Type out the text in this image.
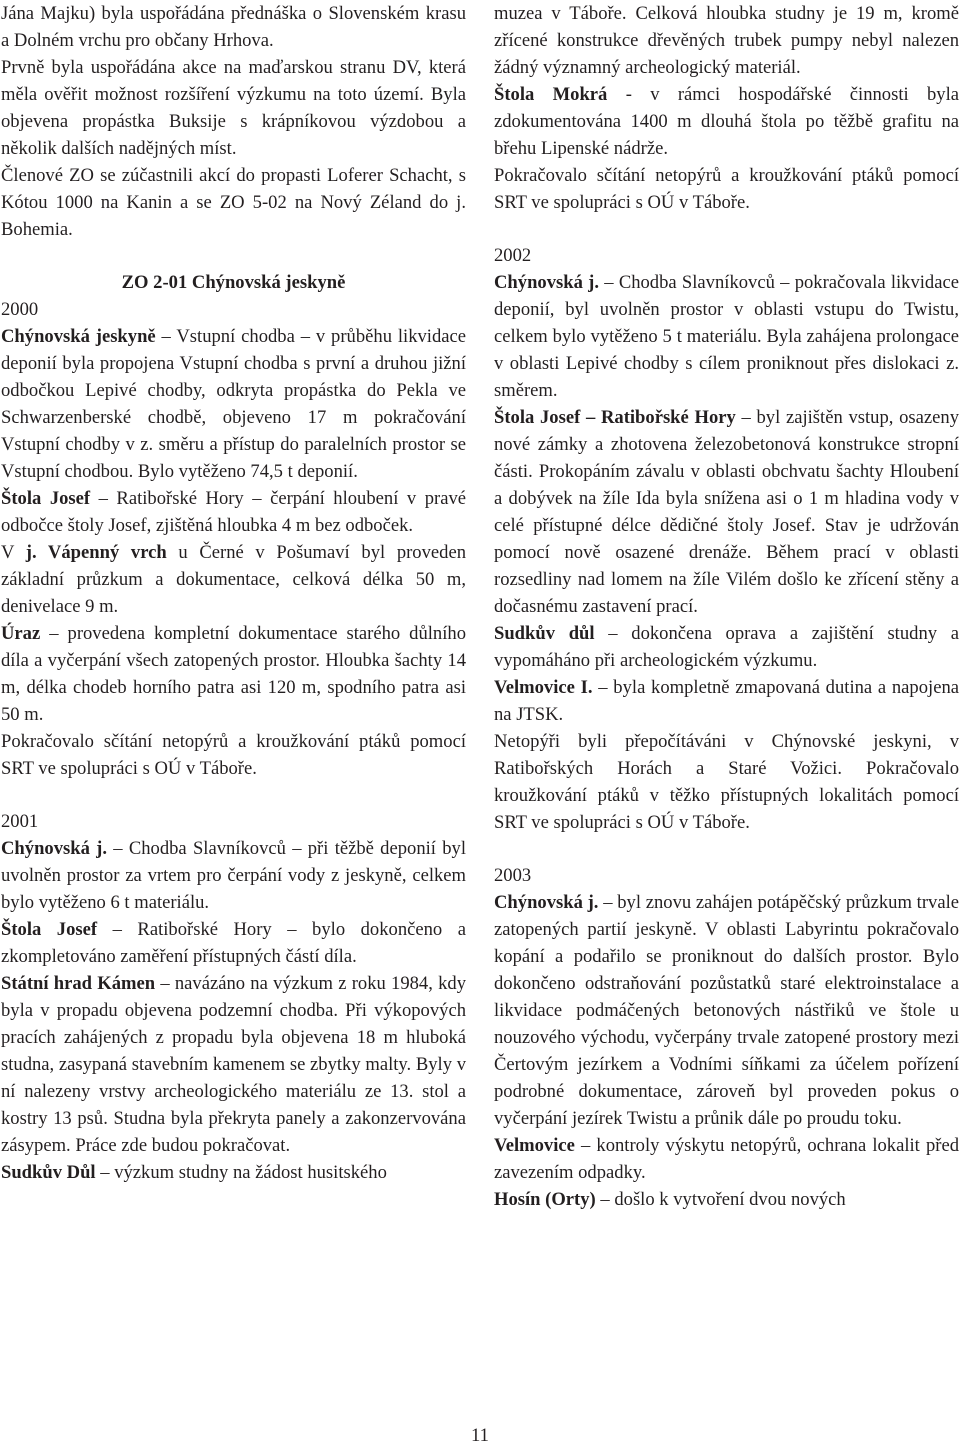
Jána Majku) byla uspořádána přednáška o Slovenském krasu a Dolném vrchu pro občany Hrhova.

Prvně byla uspořádána akce na maďarskou stranu DV, která měla ověřit možnost rozšíření výzkumu na toto území. Byla objevena propástka Buksije s krápníkovou výzdobou a několik dalších nadějných míst.

Členové ZO se zúčastnili akcí do propasti Loferer Schacht, s Kótou 1000 na Kanin a se ZO 5-02 na Nový Zéland do j. Bohemia.

ZO 2-01 Chýnovská jeskyně

2000

Chýnovská jeskyně – Vstupní chodba – v průběhu likvidace deponií byla propojena Vstupní chodba s první a druhou jižní odbočkou Lepivé chodby, odkryta propástka do Pekla ve Schwarzenberské chodbě, objeveno 17 m pokračování Vstupní chodby v z. směru a přístup do paralelních prostor se Vstupní chodbou. Bylo vytěženo 74,5 t deponií.

Štola Josef – Ratibořské Hory – čerpání hloubení v pravé odbočce štoly Josef, zjištěná hloubka 4 m bez odboček.

V j. Vápenný vrch u Černé v Pošumaví byl proveden základní průzkum a dokumentace, celková délka 50 m, denivelace 9 m.

Úraz – provedena kompletní dokumentace starého důlního díla a vyčerpání všech zatopených prostor. Hloubka šachty 14 m, délka chodeb horního patra asi 120 m, spodního patra asi 50 m.

Pokračovalo sčítání netopýrů a kroužkování ptáků pomocí SRT ve spolupráci s OÚ v Táboře.

2001

Chýnovská j. – Chodba Slavníkovců – při těžbě deponií byl uvolněn prostor za vrtem pro čerpání vody z jeskyně, celkem bylo vytěženo 6 t materiálu.

Štola Josef – Ratibořské Hory – bylo dokončeno a zkompletováno zaměření přístupných částí díla.

Státní hrad Kámen – navázáno na výzkum z roku 1984, kdy byla v propadu objevena podzemní chodba. Při výkopových pracích zahájených z propadu byla objevena 18 m hluboká studna, zasypaná stavebním kamenem se zbytky malty. Byly v ní nalezeny vrstvy archeologického materiálu ze 13. stol a kostry 13 psů. Studna byla překryta panely a zakonzervována zásypem. Práce zde budou pokračovat.

Sudkův Důl – výzkum studny na žádost husitského

muzea v Táboře. Celková hloubka studny je 19 m, kromě zřícené konstrukce dřevěných trubek pumpy nebyl nalezen žádný významný archeologický materiál.

Štola Mokrá - v rámci hospodářské činnosti byla zdokumentována 1400 m dlouhá štola po těžbě grafitu na břehu Lipenské nádrže.

Pokračovalo sčítání netopýrů a kroužkování ptáků pomocí SRT ve spolupráci s OÚ v Táboře.

2002

Chýnovská j. – Chodba Slavníkovců – pokračovala likvidace deponií, byl uvolněn prostor v oblasti vstupu do Twistu, celkem bylo vytěženo 5 t materiálu. Byla zahájena prolongace v oblasti Lepivé chodby s cílem proniknout přes dislokaci z. směrem.

Štola Josef – Ratibořské Hory – byl zajištěn vstup, osazeny nové zámky a zhotovena železobetonová konstrukce stropní části. Prokopáním závalu v oblasti obchvatu šachty Hloubení a dobývek na žíle Ida byla snížena asi o 1 m hladina vody v celé přístupné délce dědičné štoly Josef. Stav je udržován pomocí nově osazené drenáže. Během prací v oblasti rozsedliny nad lomem na žíle Vilém došlo ke zřícení stěny a dočasnému zastavení prací.

Sudkův důl – dokončena oprava a zajištění studny a vypomáháno při archeologickém výzkumu.

Velmovice I. – byla kompletně zmapovaná dutina a napojena na JTSK.

Netopýři byli přepočítáváni v Chýnovské jeskyni, v Ratibořských Horách a Staré Vožici. Pokračovalo kroužkování ptáků v těžko přístupných lokalitách pomocí SRT ve spolupráci s OÚ v Táboře.

2003

Chýnovská j. – byl znovu zahájen potápěčský průzkum trvale zatopených partií jeskyně. V oblasti Labyrintu pokračovalo kopání a podařilo se proniknout do dalších prostor. Bylo dokončeno odstraňování pozůstatků staré elektroinstalace a likvidace podmáčených betonových nástřiků ve štole u nouzového východu, vyčerpány trvale zatopené prostory mezi Čertovým jezírkem a Vodními síňkami za účelem pořízení podrobné dokumentace, zároveň byl proveden pokus o vyčerpání jezírek Twistu a průnik dále po proudu toku.

Velmovice – kontroly výskytu netopýrů, ochrana lokalit před zavezením odpadky.

Hosín (Orty) – došlo k vytvoření dvou nových

11
